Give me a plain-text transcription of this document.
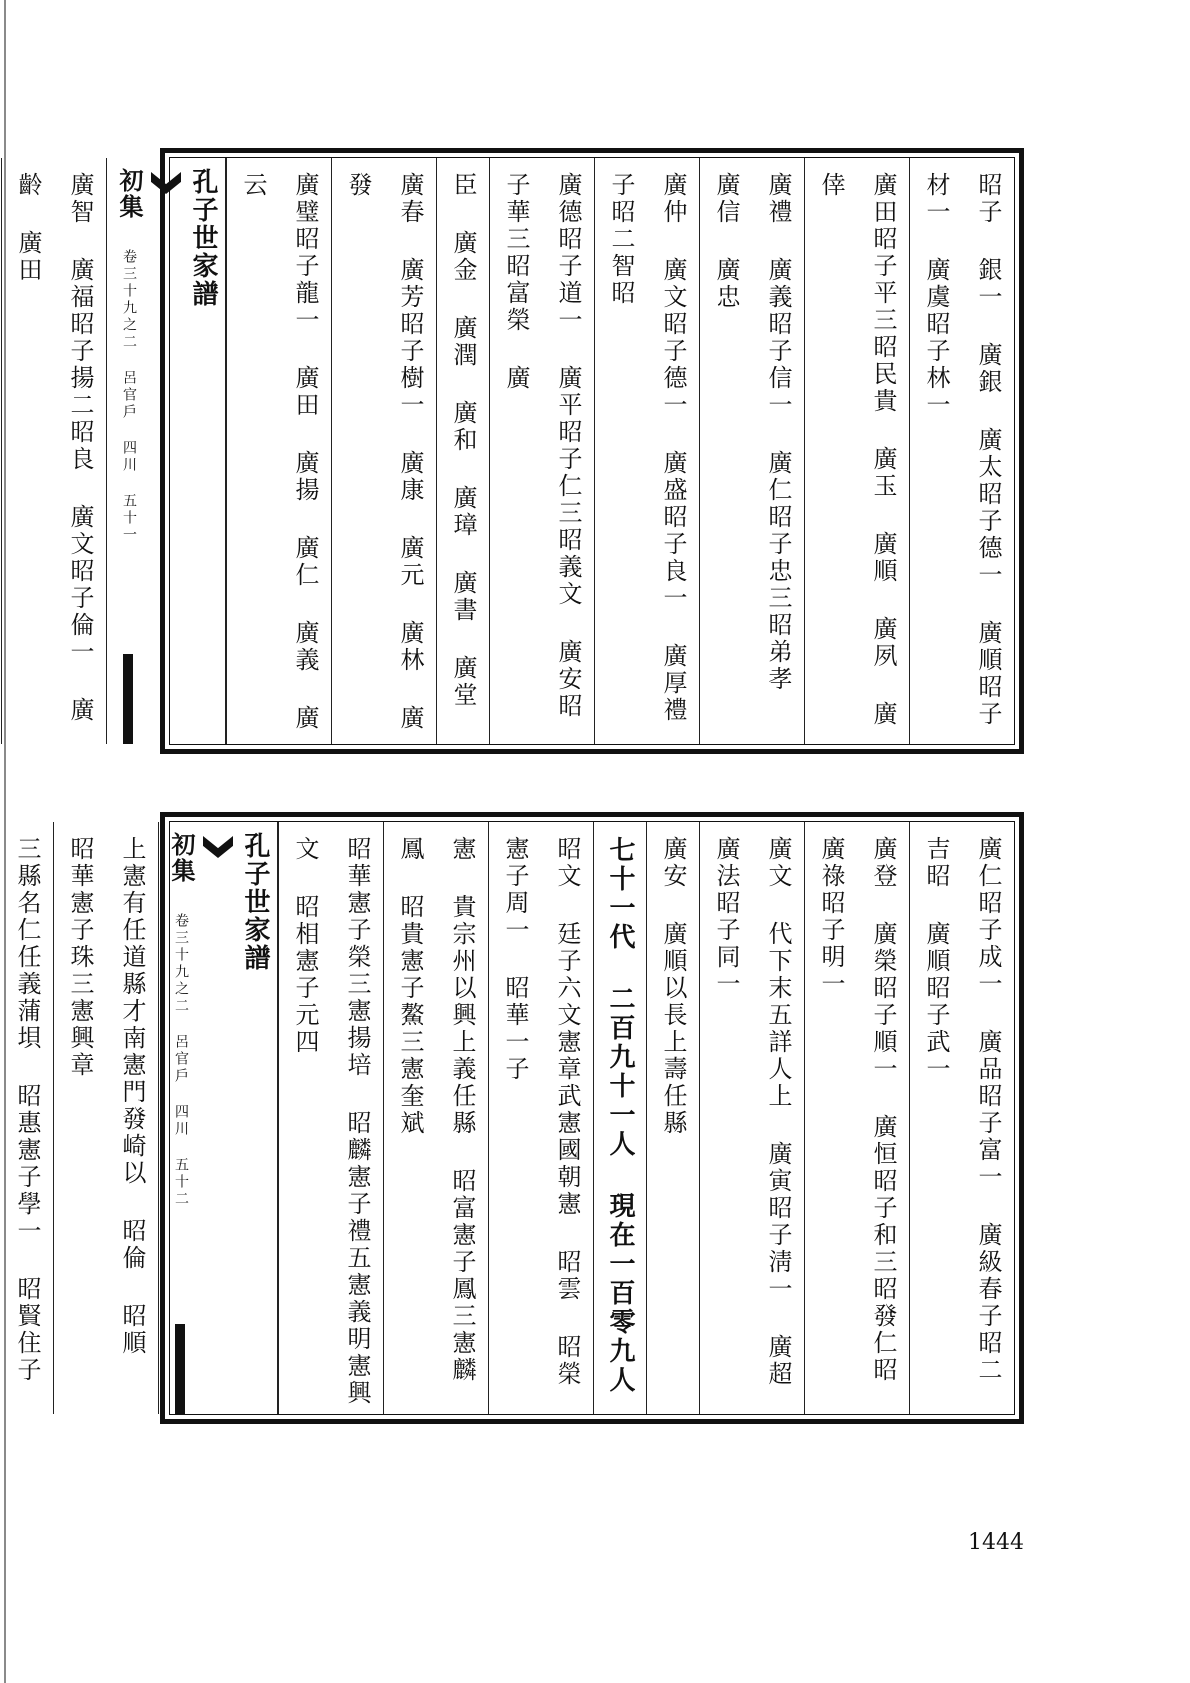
昭子 銀一 廣銀 廣太昭子德一 廣順昭子材一 廣虞昭子林一
廣田昭子平三昭民貴 廣玉 廣順 廣夙 廣倖
廣禮 廣義昭子信一 廣仁昭子忠三昭弟孝 廣信 廣忠
廣仲 廣文昭子德一 廣盛昭子良一 廣厚禮子昭二智昭
廣德昭子道一 廣平昭子仁三昭義文 廣安昭子華三昭富榮 廣
臣 廣金 廣潤 廣和 廣璋 廣書 廣堂
廣春 廣芳昭子樹一 廣康 廣元 廣林 廣發
廣璧昭子龍一 廣田 廣揚 廣仁 廣義 廣云
孔子世家譜
初集 卷三十九之二 呂官戶 四川 五十一
廣智 廣福昭子揚二昭良 廣文昭子倫一 廣齡 廣田
廣仁昭子成一 廣品昭子富一 廣級春子昭二吉昭 廣順昭子武一
廣登 廣榮昭子順一 廣恒昭子和三昭發仁昭 廣祿昭子明一
廣文 代下末五詳人上 廣寅昭子淸一 廣超 廣法昭子同一
廣安 廣順以長上壽任縣
七十一代 二百九十一人 現在一百零九人
昭文 廷子六文憲章武憲國朝憲 昭雲 昭榮憲子周一 昭華一子
憲 貴宗州以興上義任縣 昭富憲子鳳三憲麟鳳 昭貴憲子鰲三憲奎斌
昭華憲子榮三憲揚培 昭麟憲子禮五憲義明憲興文 昭相憲子元四
孔子世家譜
初集 卷三十九之二 呂官戶 四川 五十二
上憲有任道縣才南憲門發崎以 昭倫 昭順 昭華憲子珠三憲興章
三縣名仁任義蒲垻 昭惠憲子學一 昭賢住子
1444
